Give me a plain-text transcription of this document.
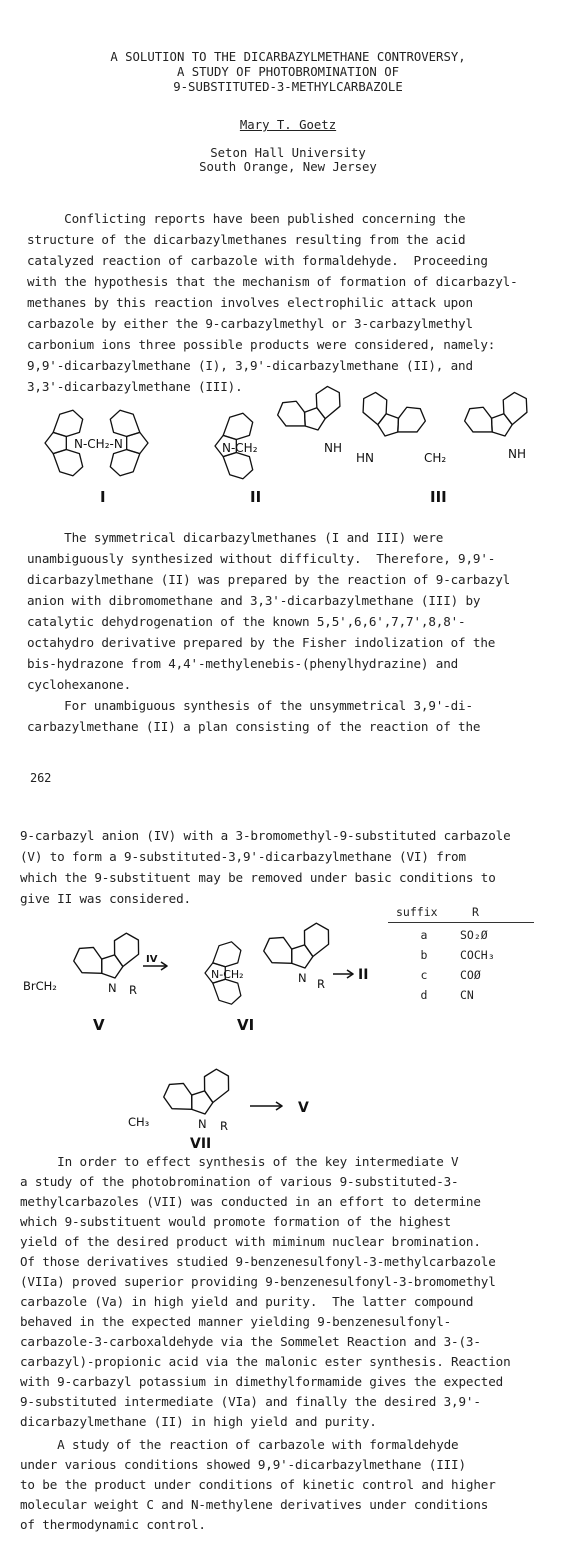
A SOLUTION TO THE DICARBAZYLMETHANE CONTROVERSY,
A STUDY OF PHOTOBROMINATION OF
9-SUBSTITUTED-3-METHYLCARBAZOLE
Mary T. Goetz
Seton Hall University
South Orange, New Jersey
Conflicting reports have been published concerning the
structure of the dicarbazylmethanes resulting from the acid
catalyzed reaction of carbazole with formaldehyde.  Proceeding
with the hypothesis that the mechanism of formation of dicarbazyl-
methanes by this reaction involves electrophilic attack upon
carbazole by either the 9-carbazylmethyl or 3-carbazylmethyl
carbonium ions three possible products were considered, namely:
9,9'-dicarbazylmethane (I), 3,9'-dicarbazylmethane (II), and
3,3'-dicarbazylmethane (III).
N-CH₂-N
I
N-CH₂	NH
II
HN	CH₂	NH
III
The symmetrical dicarbazylmethanes (I and III) were
unambiguously synthesized without difficulty.  Therefore, 9,9'-
dicarbazylmethane (II) was prepared by the reaction of 9-carbazyl
anion with dibromomethane and 3,3'-dicarbazylmethane (III) by
catalytic dehydrogenation of the known 5,5',6,6',7,7',8,8'-
octahydro derivative prepared by the Fisher indolization of the
bis-hydrazone from 4,4'-methylenebis-(phenylhydrazine) and
cyclohexanone.
For unambiguous synthesis of the unsymmetrical 3,9'-di-
carbazylmethane (II) a plan consisting of the reaction of the
262
9-carbazyl anion (IV) with a 3-bromomethyl-9-substituted carbazole
(V) to form a 9-substituted-3,9'-dicarbazylmethane (VI) from
which the 9-substituent may be removed under basic conditions to
give II was considered.
BrCH₂	N R
V
IV
N-CH₂	N R
VI
II
suffix	R
a	SO₂Ø
b	COCH₃
c	COØ
d	CN
CH₃	N R
VII
V
In order to effect synthesis of the key intermediate V
a study of the photobromination of various 9-substituted-3-
methylcarbazoles (VII) was conducted in an effort to determine
which 9-substituent would promote formation of the highest
yield of the desired product with miminum nuclear bromination.
Of those derivatives studied 9-benzenesulfonyl-3-methylcarbazole
(VIIa) proved superior providing 9-benzenesulfonyl-3-bromomethyl
carbazole (Va) in high yield and purity.  The latter compound
behaved in the expected manner yielding 9-benzenesulfonyl-
carbazole-3-carboxaldehyde via the Sommelet Reaction and 3-(3-
carbazyl)-propionic acid via the malonic ester synthesis. Reaction
with 9-carbazyl potassium in dimethylformamide gives the expected
9-substituted intermediate (VIa) and finally the desired 3,9'-
dicarbazylmethane (II) in high yield and purity.
A study of the reaction of carbazole with formaldehyde
under various conditions showed 9,9'-dicarbazylmethane (III)
to be the product under conditions of kinetic control and higher
molecular weight C and N-methylene derivatives under conditions
of thermodynamic control.
